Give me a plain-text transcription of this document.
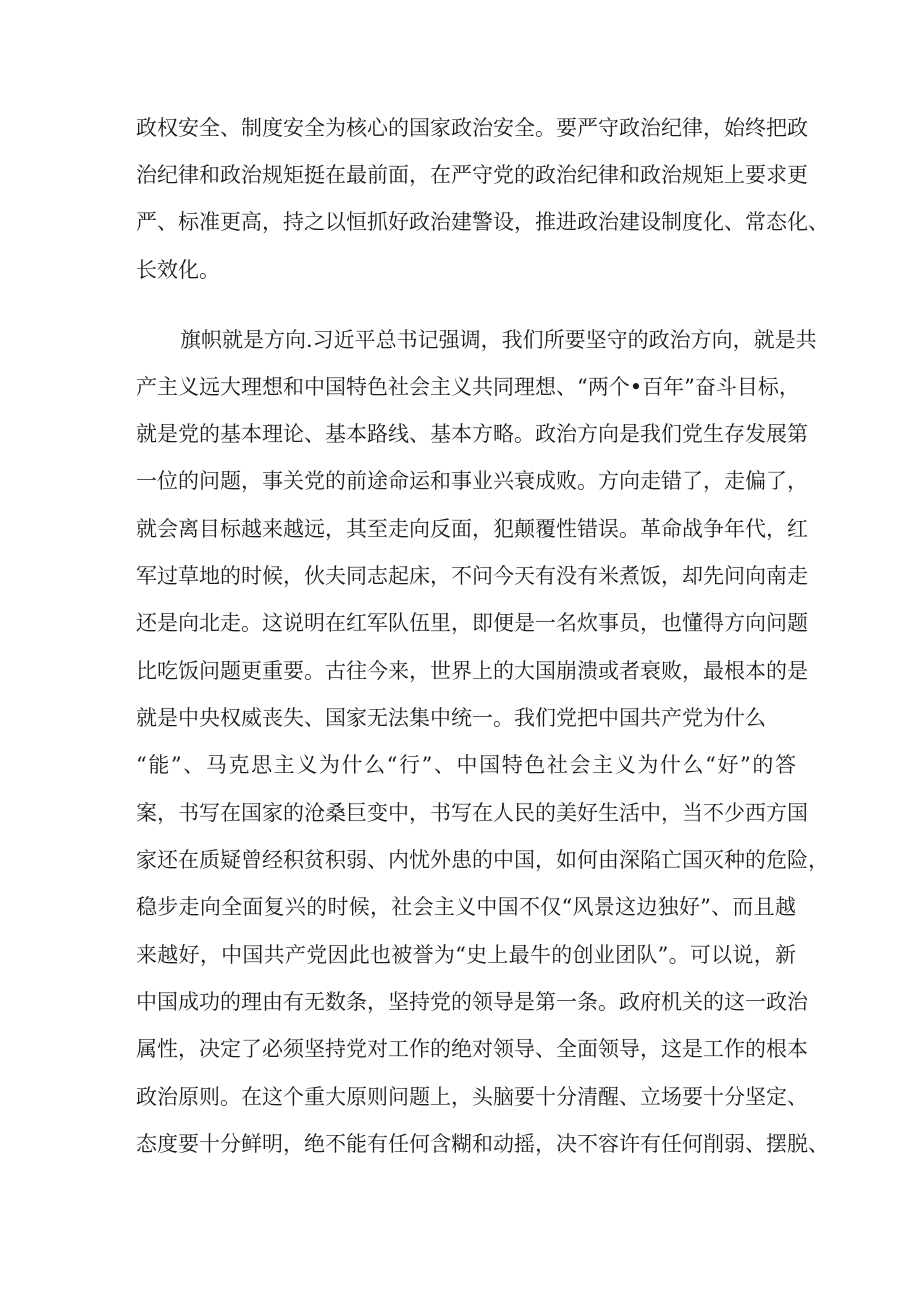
政权安全、制度安全为核心的国家政治安全。要严守政治纪律，始终把政
治纪律和政治规矩挺在最前面，在严守党的政治纪律和政治规矩上要求更
严、标准更高，持之以恒抓好政治建警设，推进政治建设制度化、常态化、
长效化。
旗帜就是方向.习近平总书记强调，我们所要坚守的政治方向，就是共
产主义远大理想和中国特色社会主义共同理想、“两个•百年”奋斗目标，
就是党的基本理论、基本路线、基本方略。政治方向是我们党生存发展第
一位的问题，事关党的前途命运和事业兴衰成败。方向走错了，走偏了，
就会离目标越来越远，其至走向反面，犯颠覆性错误。革命战争年代，红
军过草地的时候，伙夫同志起床，不问今天有没有米煮饭，却先问向南走
还是向北走。这说明在红军队伍里，即便是一名炊事员，也懂得方向问题
比吃饭问题更重要。古往今来，世界上的大国崩溃或者衰败，最根本的是
就是中央权威丧失、国家无法集中统一。我们党把中国共产党为什么
“能”、马克思主义为什么“行”、中国特色社会主义为什么“好”的答
案，书写在国家的沧桑巨变中，书写在人民的美好生活中，当不少西方国
家还在质疑曾经积贫积弱、内忧外患的中国，如何由深陷亡国灭种的危险，
稳步走向全面复兴的时候，社会主义中国不仅“风景这边独好”、而且越
来越好，中国共产党因此也被誉为“史上最牛的创业团队”。可以说，新
中国成功的理由有无数条，坚持党的领导是第一条。政府机关的这一政治
属性，决定了必须坚持党对工作的绝对领导、全面领导，这是工作的根本
政治原则。在这个重大原则问题上，头脑要十分清醒、立场要十分坚定、
态度要十分鲜明，绝不能有任何含糊和动摇，决不容许有任何削弱、摆脱、
